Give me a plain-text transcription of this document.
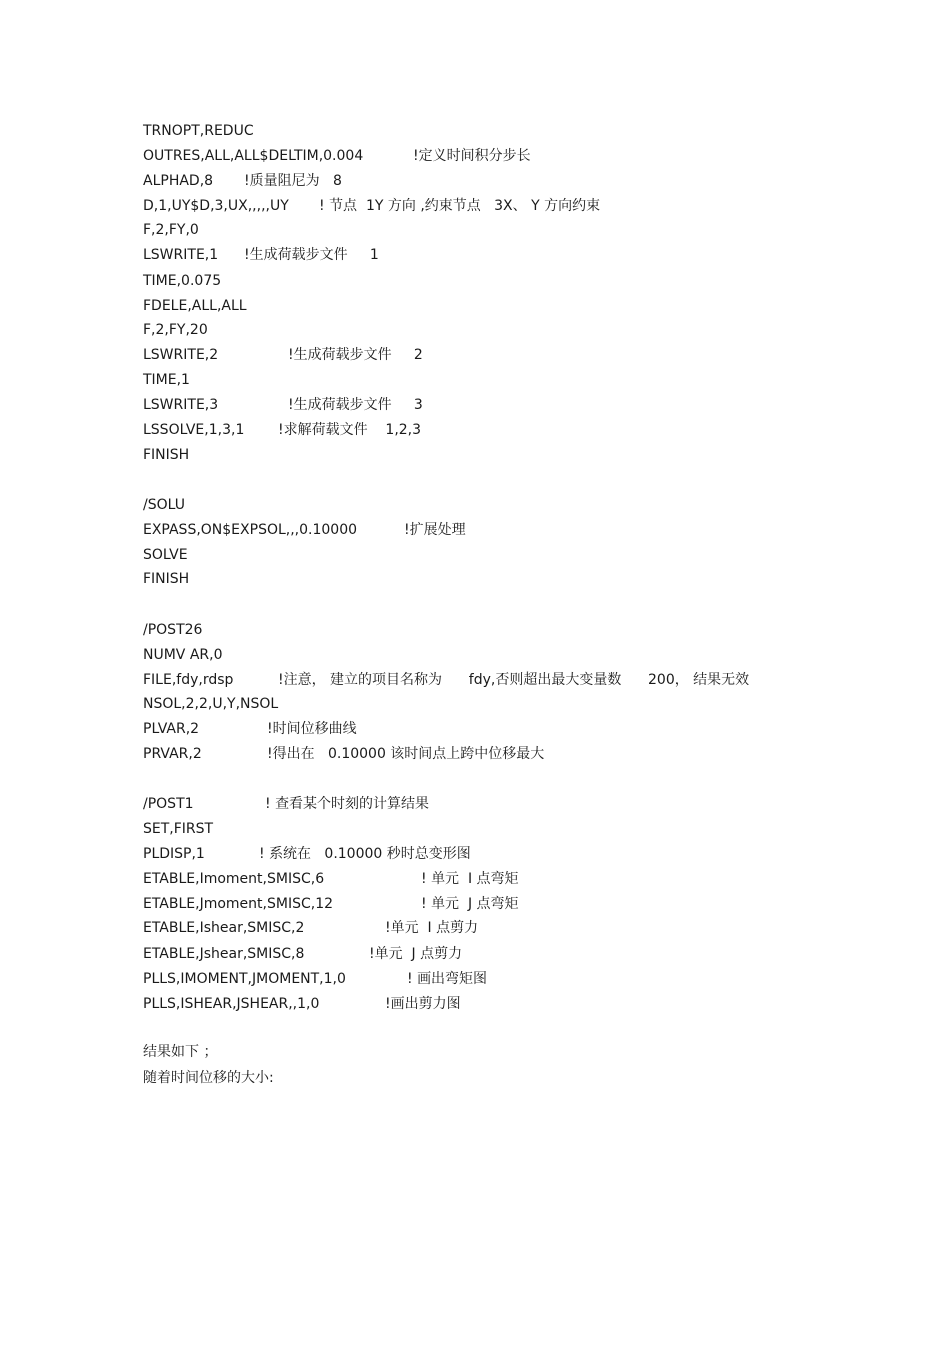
TRNOPT,REDUC
OUTRES,ALL,ALL$DELTIM,0.004	!定义时间积分步长
ALPHAD,8 !质量阻尼为   8
D,1,UY$D,3,UX,,,,,UY ! 节点  1Y 方向 ,约束节点   3X、 Y 方向约束
F,2,FY,0
LSWRITE,1 !生成荷载步文件     1
TIME,0.075
FDELE,ALL,ALL
F,2,FY,20
LSWRITE,2	!生成荷载步文件     2
TIME,1
LSWRITE,3	!生成荷载步文件     3
LSSOLVE,1,3,1 !求解荷载文件    1,2,3
FINISH
/SOLU
EXPASS,ON$EXPSOL,,,0.10000	!扩展处理
SOLVE
FINISH
/POST26
NUMV AR,0
FILE,fdy,rdsp	!注意， 建立的项目名称为      fdy,否则超出最大变量数      200， 结果无效
NSOL,2,2,U,Y,NSOL
PLVAR,2	!时间位移曲线
PRVAR,2	!得出在   0.10000 该时间点上跨中位移最大
/POST1	! 查看某个时刻的计算结果
SET,FIRST
PLDISP,1	! 系统在   0.10000 秒时总变形图
ETABLE,Imoment,SMISC,6	! 单元  I 点弯矩
ETABLE,Jmoment,SMISC,12	! 单元  J 点弯矩
ETABLE,Ishear,SMISC,2	!单元  I 点剪力
ETABLE,Jshear,SMISC,8	!单元  J 点剪力
PLLS,IMOMENT,JMOMENT,1,0	! 画出弯矩图
PLLS,ISHEAR,JSHEAR,,1,0	!画出剪力图
结果如下 ；
随着时间位移的大小:
